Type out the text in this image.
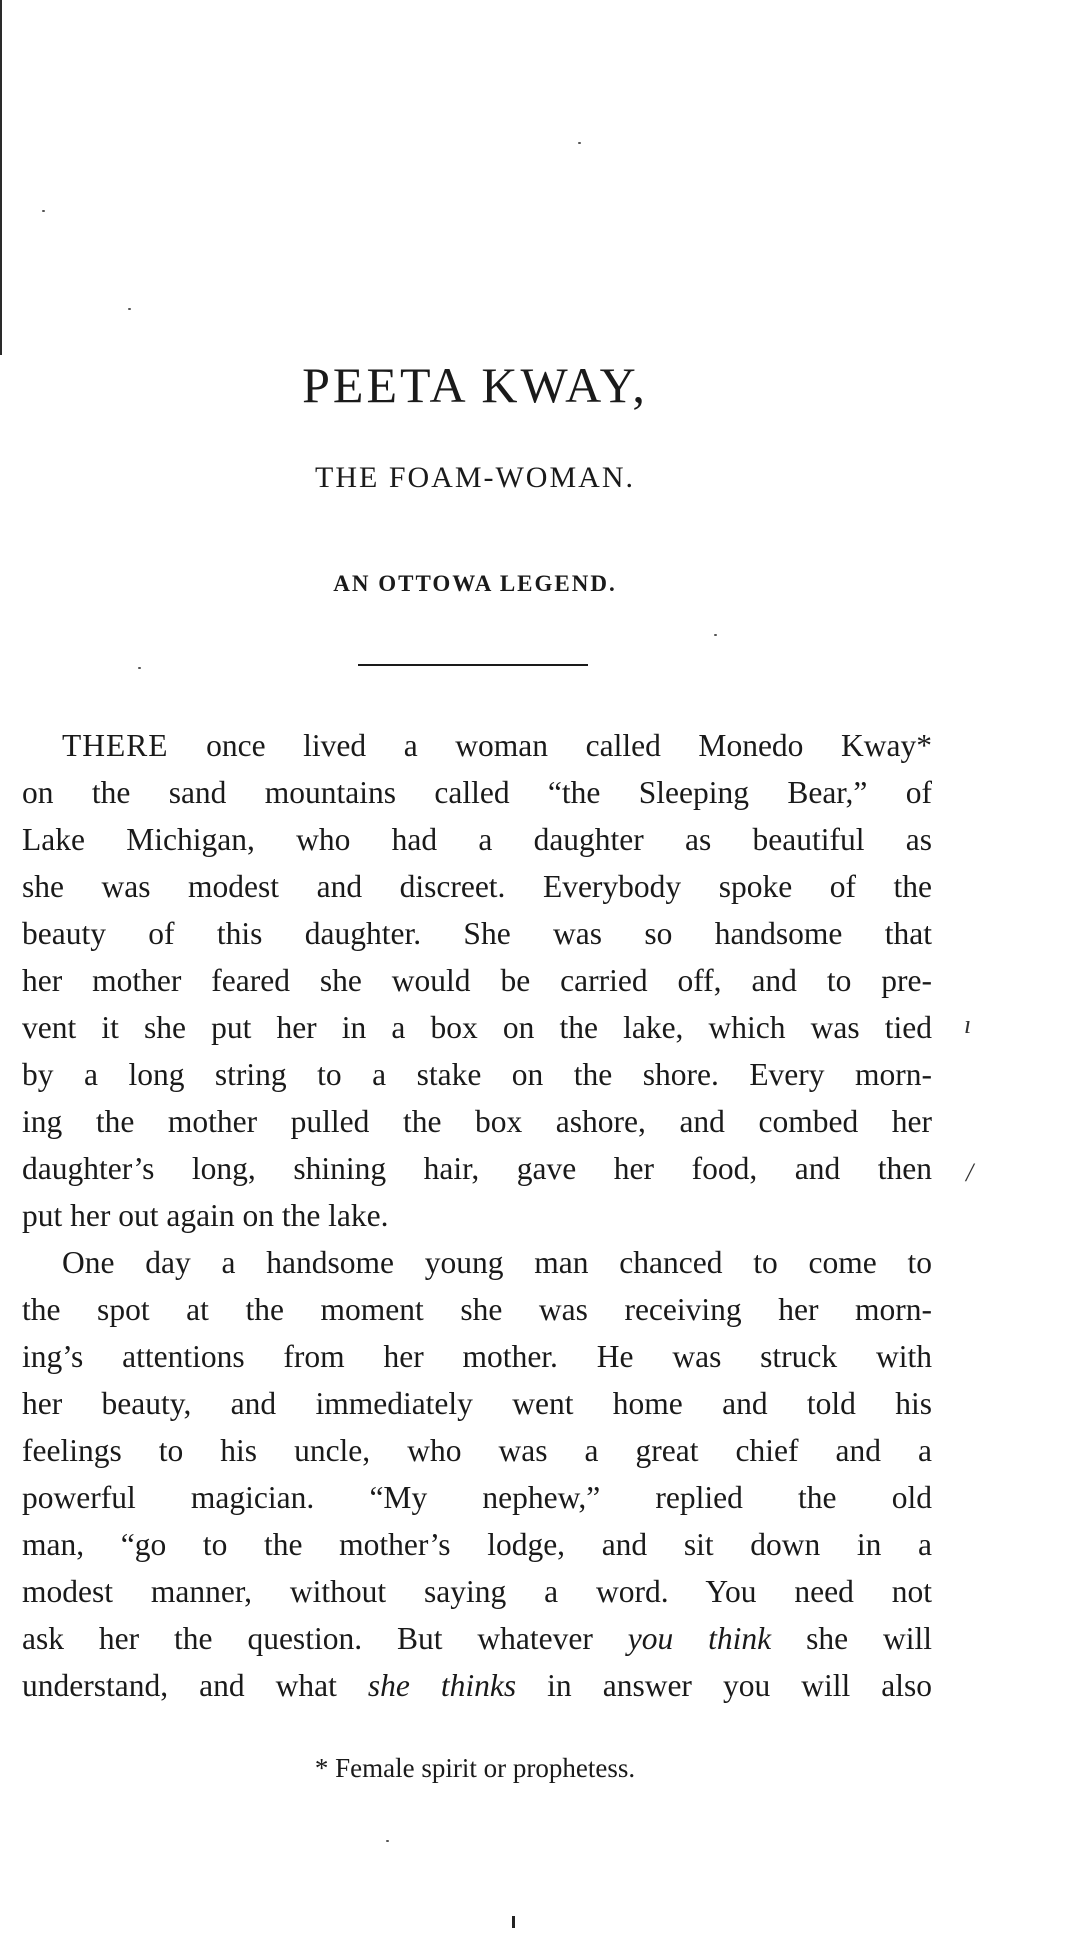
PEETA KWAY,
THE FOAM-WOMAN.
AN OTTOWA LEGEND.
THERE once lived a woman called Monedo Kway*
on the sand mountains called “the Sleeping Bear,” of
Lake Michigan, who had a daughter as beautiful as
she was modest and discreet. Everybody spoke of the
beauty of this daughter. She was so handsome that
her mother feared she would be carried off, and to pre-
vent it she put her in a box on the lake, which was tied
by a long string to a stake on the shore. Every morn-
ing the mother pulled the box ashore, and combed her
daughter’s long, shining hair, gave her food, and then
put her out again on the lake.
One day a handsome young man chanced to come to
the spot at the moment she was receiving her morn-
ing’s attentions from her mother. He was struck with
her beauty, and immediately went home and told his
feelings to his uncle, who was a great chief and a
powerful magician. “My nephew,” replied the old
man, “go to the mother’s lodge, and sit down in a
modest manner, without saying a word. You need not
ask her the question. But whatever you think she will
understand, and what she thinks in answer you will also
ı
/
* Female spirit or prophetess.
